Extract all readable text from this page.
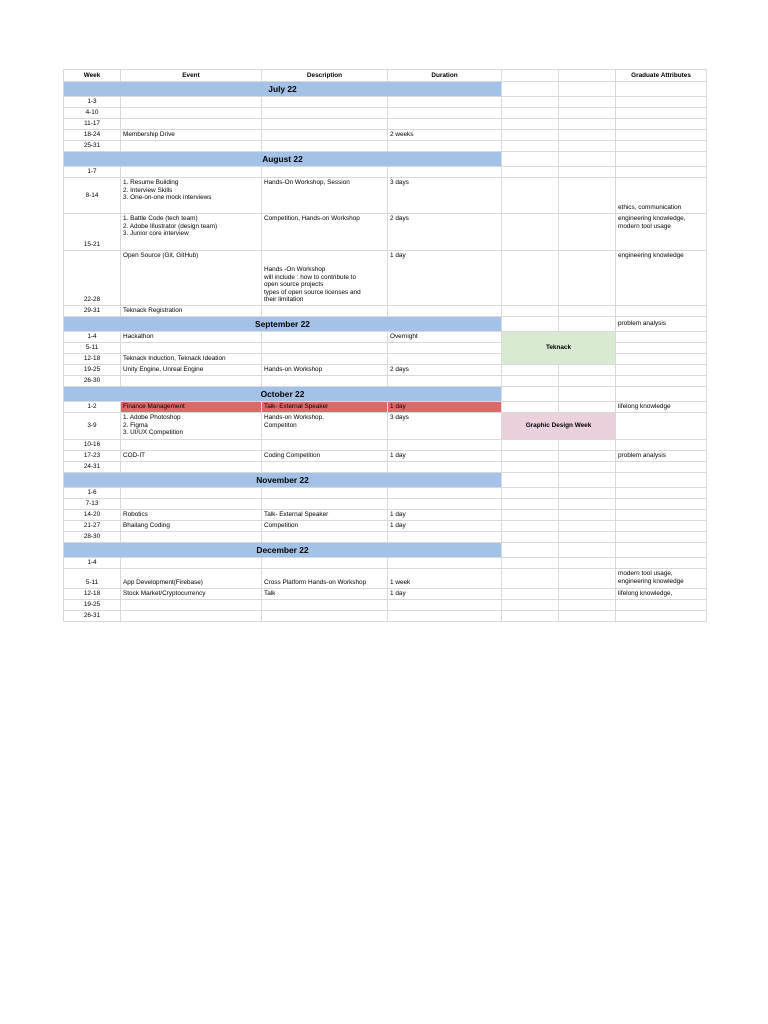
Week	Event	Description	Duration			Graduate Attributes
July 22						
1-3						
4-10						
11-17						
18-24	Membership Drive		2 weeks			
25-31						
August 22						
1-7						
8-14	1. Resume Building
2. Interview Skills
3. One-on-one mock interviews	Hands-On Workshop, Session	3 days			ethics, communication
15-21	1. Battle Code (tech team)
2. Adobe Illustrator (design team)
3. Junior core interview	Competition, Hands-on Workshop	2 days			engineering knowledge,
modern tool usage
22-28	Open Source (Git, GitHub)	Hands -On Workshop
will include : how to contribute to
open source projects
types of open source licenses and
their limitation	1 day			engineering knowledge
29-31	Teknack Registration					
September 22						problem analysis
1-4	Hackathon		Overnight	Teknack		
5-11						
12-18	Teknack Induction, Teknack Ideation					
19-25	Unity Engine, Unreal Engine	Hands-on Workshop	2 days			
26-30						
October 22						
1-2	Finance Management	Talk- External Speaker	1 day			lifelong knowledge
3-9	1. Adobe Photoshop
2. Figma
3. UI/UX Competition	Hands-on Workshop,
Competiton	3 days	Graphic Design Week		
10-16						
17-23	COD-IT	Coding Competition	1 day			problem analysis
24-31						
November 22						
1-6						
7-13						
14-20	Robotics	Talk- External Speaker	1 day			
21-27	Bhailang Coding	Competition	1 day			
28-30						
December 22						
1-4						
5-11	App Development(Firebase)	Cross Platform Hands-on Workshop	1 week			modern tool usage,
engineering knowledge
12-18	Stock Market/Cryptocurrency	Talk	1 day			lifelong knowledge,
19-25						
26-31						
